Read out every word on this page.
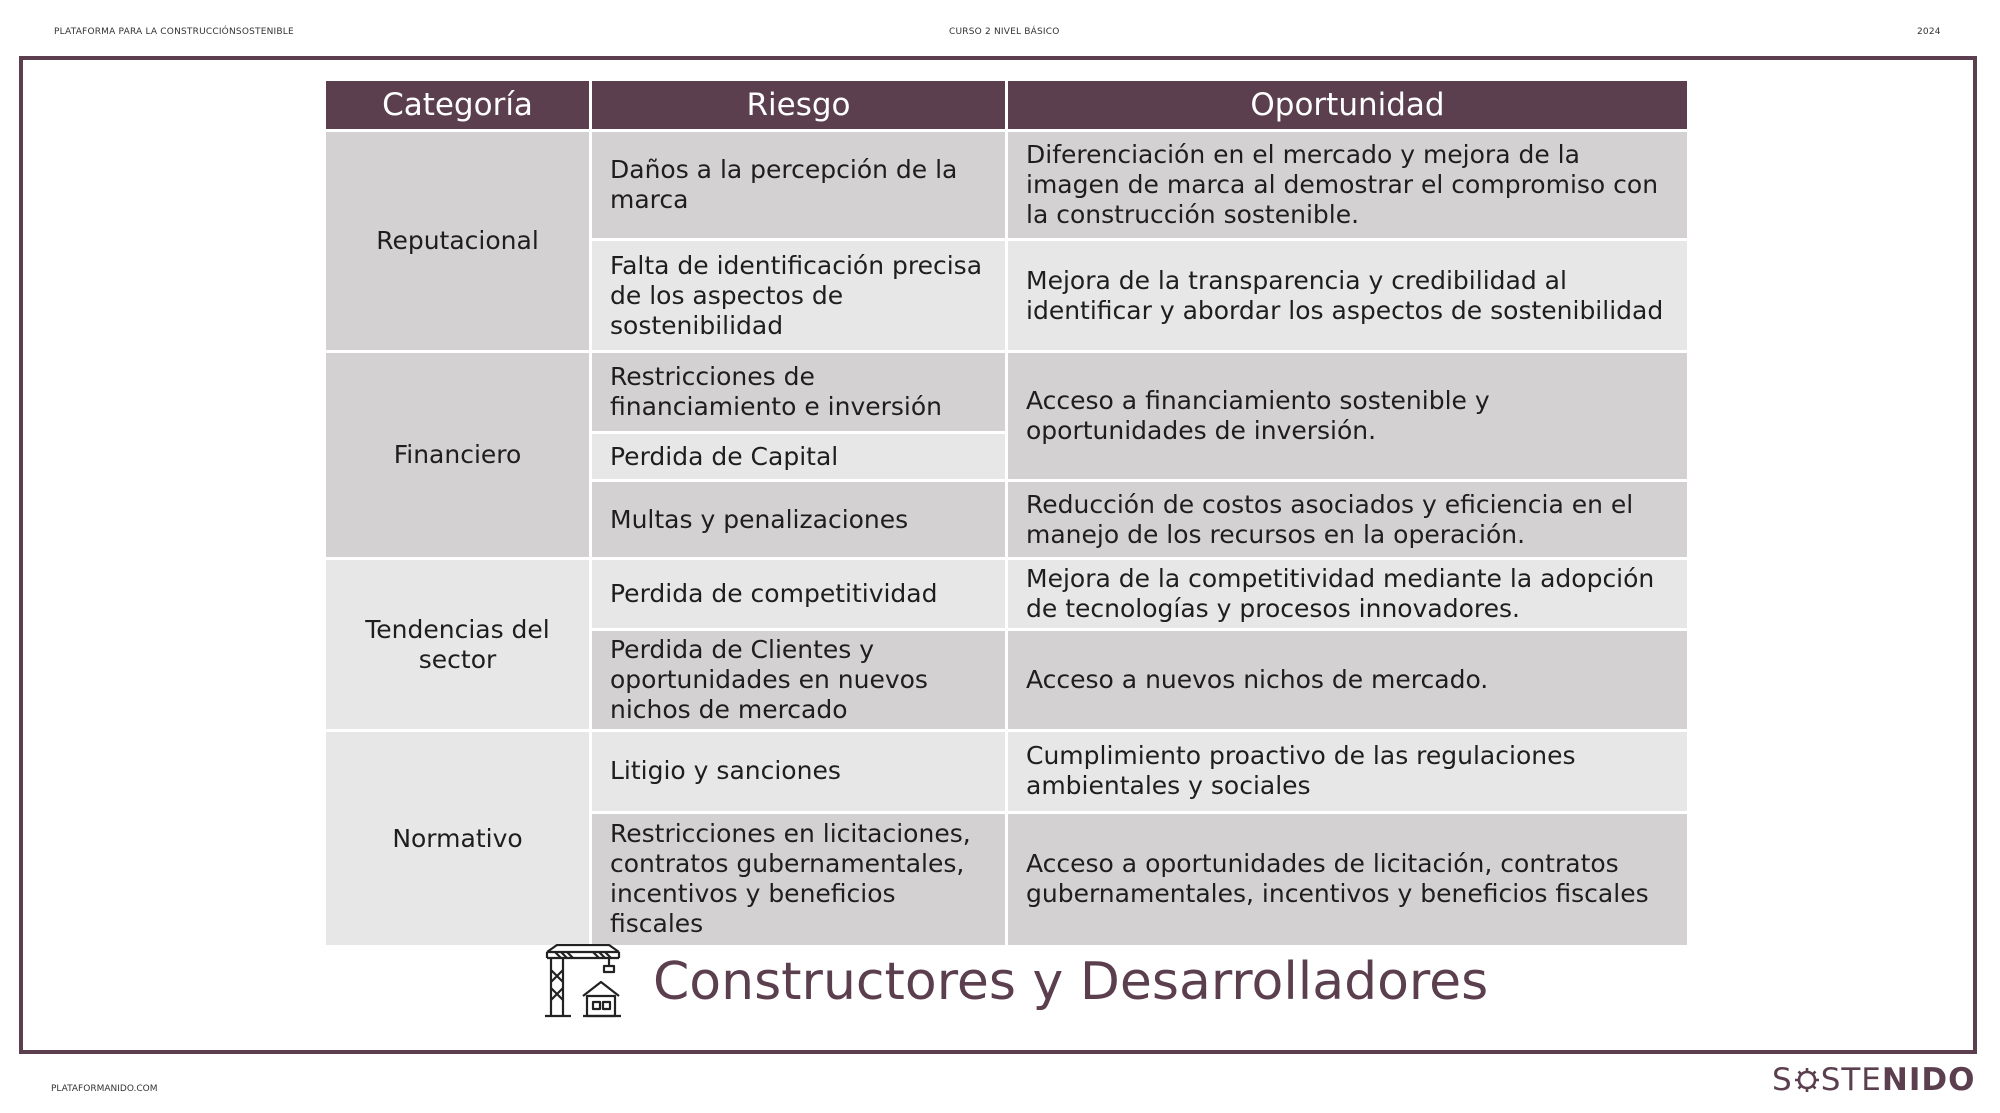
PLATAFORMA PARA LA CONSTRUCCIÓNSOSTENIBLE	CURSO 2 NIVEL BÁSICO	2024
Categoría	Riesgo	Oportunidad
Reputacional	Daños a la percepción de la marca	Diferenciación en el mercado y mejora de la imagen de marca al demostrar el compromiso con la construcción sostenible.
	Falta de identificación precisa de los aspectos de sostenibilidad	Mejora de la transparencia y credibilidad al identificar y abordar los aspectos de sostenibilidad
Financiero	Restricciones de financiamiento e inversión	Acceso a financiamiento sostenible y oportunidades de inversión.
	Perdida de Capital	
	Multas y penalizaciones	Reducción de costos asociados y eficiencia en el manejo de los recursos en la operación.
Tendencias del sector	Perdida de competitividad	Mejora de la competitividad mediante la adopción de tecnologías y procesos innovadores.
	Perdida de Clientes y oportunidades en nuevos nichos de mercado	Acceso a nuevos nichos de mercado.
Normativo	Litigio y sanciones	Cumplimiento proactivo de las regulaciones ambientales y sociales
	Restricciones en licitaciones, contratos gubernamentales, incentivos y beneficios fiscales	Acceso a oportunidades de licitación, contratos gubernamentales, incentivos y beneficios fiscales
Constructores y Desarrolladores
PLATAFORMANIDO.COM	S STENIDO
